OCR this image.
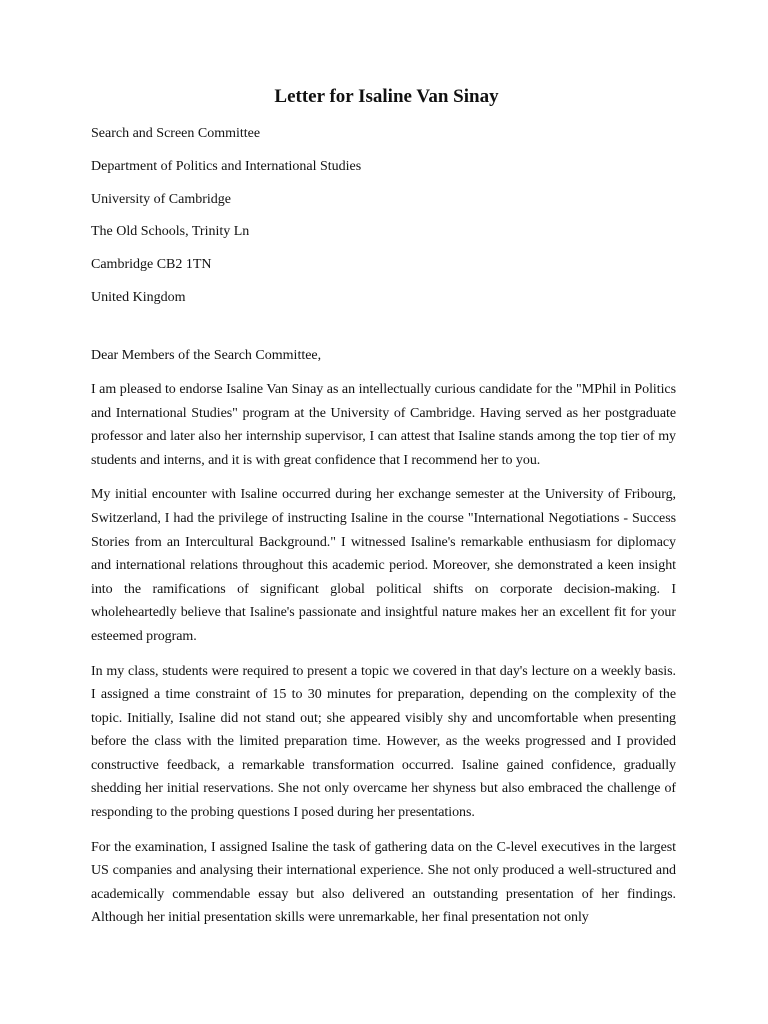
Letter for Isaline Van Sinay
Search and Screen Committee
Department of Politics and International Studies
University of Cambridge
The Old Schools, Trinity Ln
Cambridge CB2 1TN
United Kingdom
Dear Members of the Search Committee,

I am pleased to endorse Isaline Van Sinay as an intellectually curious candidate for the "MPhil in Politics and International Studies" program at the University of Cambridge. Having served as her postgraduate professor and later also her internship supervisor, I can attest that Isaline stands among the top tier of my students and interns, and it is with great confidence that I recommend her to you.

My initial encounter with Isaline occurred during her exchange semester at the University of Fribourg, Switzerland, I had the privilege of instructing Isaline in the course "International Negotiations - Success Stories from an Intercultural Background." I witnessed Isaline's remarkable enthusiasm for diplomacy and international relations throughout this academic period. Moreover, she demonstrated a keen insight into the ramifications of significant global political shifts on corporate decision-making. I wholeheartedly believe that Isaline's passionate and insightful nature makes her an excellent fit for your esteemed program.

In my class, students were required to present a topic we covered in that day's lecture on a weekly basis. I assigned a time constraint of 15 to 30 minutes for preparation, depending on the complexity of the topic. Initially, Isaline did not stand out; she appeared visibly shy and uncomfortable when presenting before the class with the limited preparation time. However, as the weeks progressed and I provided constructive feedback, a remarkable transformation occurred. Isaline gained confidence, gradually shedding her initial reservations. She not only overcame her shyness but also embraced the challenge of responding to the probing questions I posed during her presentations.

For the examination, I assigned Isaline the task of gathering data on the C-level executives in the largest US companies and analysing their international experience. She not only produced a well-structured and academically commendable essay but also delivered an outstanding presentation of her findings. Although her initial presentation skills were unremarkable, her final presentation not only
